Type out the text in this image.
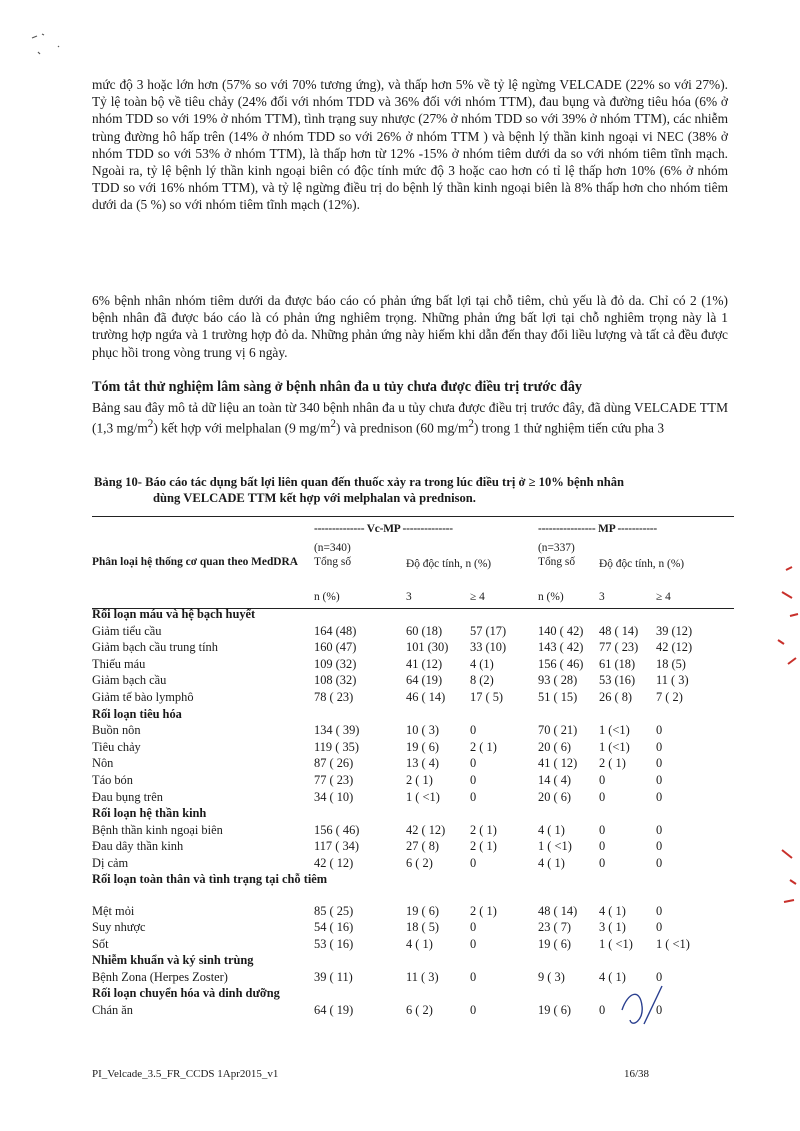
mức độ 3 hoặc lớn hơn (57% so với 70% tương ứng), và thấp hơn 5% về tỷ lệ ngừng VELCADE (22% so với 27%). Tỷ lệ toàn bộ về tiêu chảy (24% đối với nhóm TDD và 36% đối với nhóm TTM), đau bụng và đường tiêu hóa (6% ở nhóm TDD so với 19% ở nhóm TTM), tình trạng suy nhược (27% ở nhóm TDD so với 39% ở nhóm TTM), các nhiễm trùng đường hô hấp trên (14% ở nhóm TDD so với 26% ở nhóm TTM ) và bệnh lý thần kinh ngoại vi NEC (38% ở nhóm TDD so với 53% ở nhóm TTM), là thấp hơn từ 12% -15% ở nhóm tiêm dưới da so với nhóm tiêm tĩnh mạch. Ngoài ra, tỷ lệ bệnh lý thần kinh ngoại biên có độc tính mức độ 3 hoặc cao hơn có tỉ lệ thấp hơn 10% (6% ở nhóm TDD so với 16% nhóm TTM), và tỷ lệ ngừng điều trị do bệnh lý thần kinh ngoại biên là 8% thấp hơn cho nhóm tiêm dưới da (5 %) so với nhóm tiêm tĩnh mạch (12%).

6% bệnh nhân nhóm tiêm dưới da được báo cáo có phản ứng bất lợi tại chỗ tiêm, chủ yếu là đỏ da. Chỉ có 2 (1%) bệnh nhân đã được báo cáo là có phản ứng nghiêm trọng. Những phản ứng bất lợi tại chỗ nghiêm trọng này là 1 trường hợp ngứa và 1 trường hợp đỏ da. Những phản ứng này hiếm khi dẫn đến thay đổi liều lượng và tất cả đều được phục hồi trong vòng trung vị 6 ngày.

Tóm tắt thử nghiệm lâm sàng ở bệnh nhân đa u tủy chưa được điều trị trước đây

Bảng sau đây mô tả dữ liệu an toàn từ 340 bệnh nhân đa u tủy chưa được điều trị trước đây, đã dùng VELCADE TTM (1,3 $mg/m^2$) kết hợp với melphalan (9 $mg/m^2$) và prednison (60 $mg/m^2$) trong 1 thử nghiệm tiến cứu pha 3

Bảng 10- Báo cáo tác dụng bất lợi liên quan đến thuốc xảy ra trong lúc điều trị ở ≥ 10% bệnh nhân
dùng VELCADE TTM kết hợp với melphalan và prednison.

-------------- Vc-MP --------------	---------------- MP -----------
(n=340)	(n=337)
Phân loại hệ thống cơ quan theo MedDRA	Tổng số	Độ độc tính, n (%)	Tổng số Độ độc tính, n (%)
n (%)	3	≥ 4	n (%)	3	≥ 4
Rối loạn máu và hệ bạch huyết
Giảm tiểu cầu	164 (48)	60 (18) 57 (17)	140 ( 42) 48 ( 14) 39 (12)
Giảm bạch cầu trung tính	160 (47)	101 (30) 33 (10)	143 ( 42) 77 ( 23) 42 (12)
Thiếu máu	109 (32)	41 (12) 4 (1)	156 ( 46) 61 (18) 18 (5)
Giảm bạch cầu	108 (32)	64 (19) 8 (2)	93 ( 28) 53 (16) 11 ( 3)
Giảm tế bào lymphô	78 ( 23)	46 ( 14) 17 ( 5)	51 ( 15) 26 ( 8) 7 ( 2)
Rối loạn tiêu hóa
Buồn nôn	134 ( 39)	10 ( 3) 0	70 ( 21) 1 (<1) 0
Tiêu chảy	119 ( 35)	19 ( 6) 2 ( 1)	20 ( 6) 1 (<1) 0
Nôn	87 ( 26)	13 ( 4) 0	41 ( 12) 2 ( 1) 0
Táo bón	77 ( 23)	2 ( 1)	0	14 ( 4) 0	0
Đau bụng trên	34 ( 10)	1 ( <1) 0	20 ( 6) 0	0
Rối loạn hệ thần kinh
Bệnh thần kinh ngoại biên	156 ( 46)	42 ( 12) 2 ( 1)	4 ( 1)	0	0
Đau dây thần kinh	117 ( 34)	27 ( 8) 2 ( 1)	1 ( <1) 0	0
Dị cảm	42 ( 12)	6 ( 2)	0	4 ( 1)	0	0
Rối loạn toàn thân và tình trạng tại chỗ tiêm
Mệt mỏi	85 ( 25)	19 ( 6) 2 ( 1)	48 ( 14) 4 ( 1) 0
Suy nhược	54 ( 16)	18 ( 5) 0	23 ( 7) 3 ( 1) 0
Sốt	53 ( 16)	4 ( 1)	0	19 ( 6) 1 ( <1) 1 ( <1)
Nhiễm khuẩn và ký sinh trùng
Bệnh Zona (Herpes Zoster)	39 ( 11)	11 ( 3)	0	9 ( 3)	4 ( 1) 0
Rối loạn chuyển hóa và dinh dưỡng
Chán ăn	64 ( 19)	6 ( 2)	0	19 ( 6) 0	0
PI_Velcade_3.5_FR_CCDS 1Apr2015_v1	16/38
